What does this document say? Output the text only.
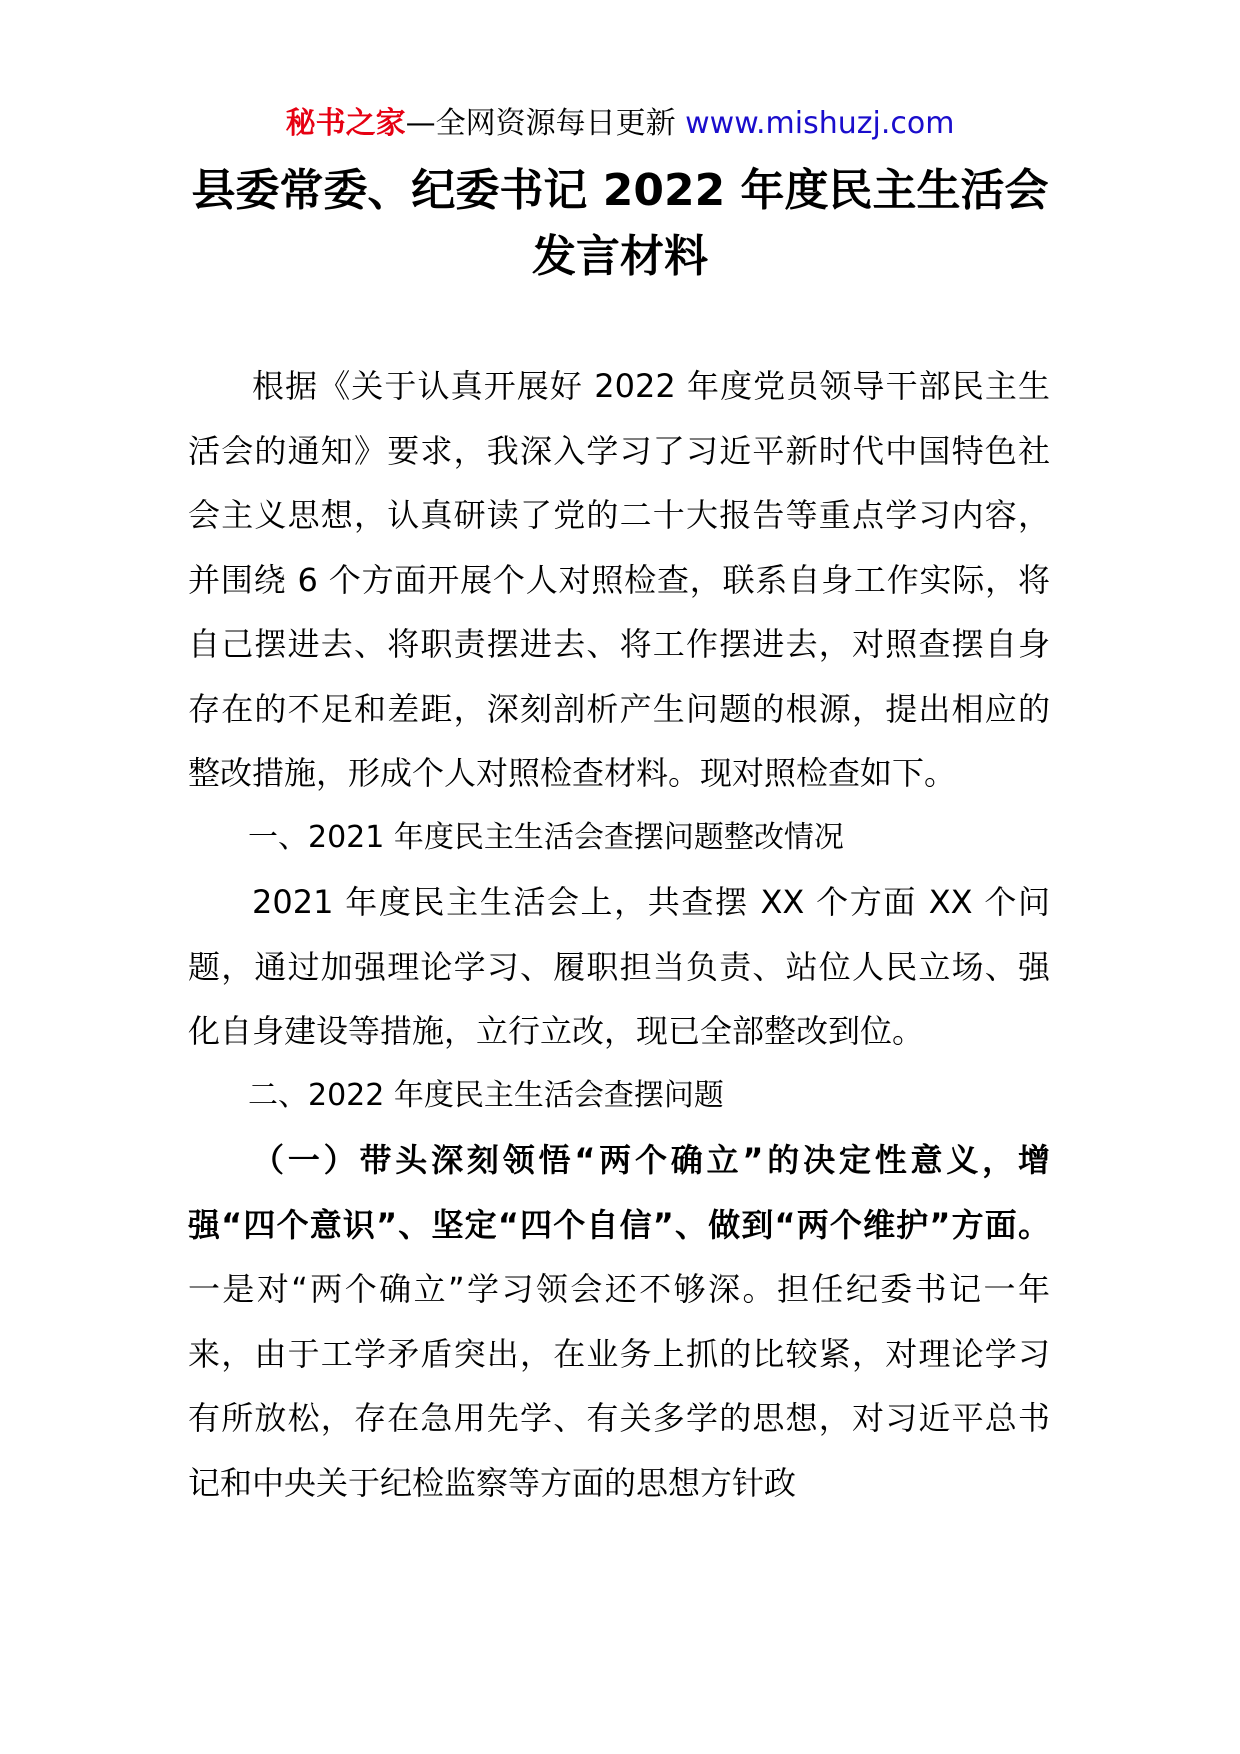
秘书之家—全网资源每日更新 www.mishuzj.com
县委常委、纪委书记 2022 年度民主生活会
发言材料

根据《关于认真开展好 2022 年度党员领导干部民主生活会的通知》要求，我深入学习了习近平新时代中国特色社会主义思想，认真研读了党的二十大报告等重点学习内容，并围绕 6 个方面开展个人对照检查，联系自身工作实际，将自己摆进去、将职责摆进去、将工作摆进去，对照查摆自身存在的不足和差距，深刻剖析产生问题的根源，提出相应的整改措施，形成个人对照检查材料。现对照检查如下。

一、2021 年度民主生活会查摆问题整改情况

2021 年度民主生活会上，共查摆 XX 个方面 XX 个问题，通过加强理论学习、履职担当负责、站位人民立场、强化自身建设等措施，立行立改，现已全部整改到位。

二、2022 年度民主生活会查摆问题

（一）带头深刻领悟“两个确立”的决定性意义，增强“四个意识”、坚定“四个自信”、做到“两个维护”方面。一是对“两个确立”学习领会还不够深。担任纪委书记一年来，由于工学矛盾突出，在业务上抓的比较紧，对理论学习有所放松，存在急用先学、有关多学的思想，对习近平总书记和中央关于纪检监察等方面的思想方针政
